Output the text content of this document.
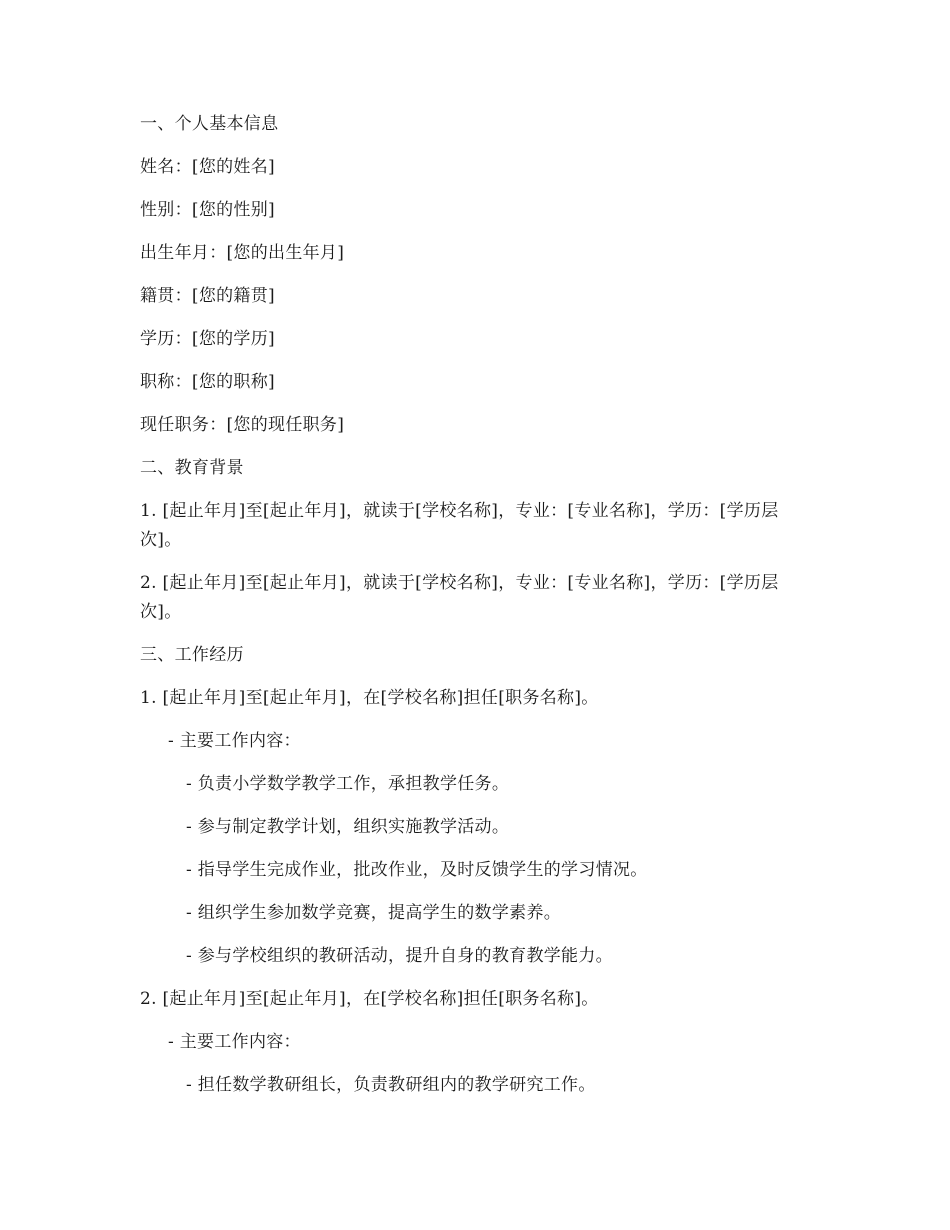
一、个人基本信息
姓名：[您的姓名]
性别：[您的性别]
出生年月：[您的出生年月]
籍贯：[您的籍贯]
学历：[您的学历]
职称：[您的职称]
现任职务：[您的现任职务]
二、教育背景
1. [起止年月]至[起止年月]，就读于[学校名称]，专业：[专业名称]，学历：[学历层次]。
2. [起止年月]至[起止年月]，就读于[学校名称]，专业：[专业名称]，学历：[学历层次]。
三、工作经历
1. [起止年月]至[起止年月]，在[学校名称]担任[职务名称]。
- 主要工作内容：
- 负责小学数学教学工作，承担教学任务。
- 参与制定教学计划，组织实施教学活动。
- 指导学生完成作业，批改作业，及时反馈学生的学习情况。
- 组织学生参加数学竞赛，提高学生的数学素养。
- 参与学校组织的教研活动，提升自身的教育教学能力。
2. [起止年月]至[起止年月]，在[学校名称]担任[职务名称]。
- 主要工作内容：
- 担任数学教研组长，负责教研组内的教学研究工作。
